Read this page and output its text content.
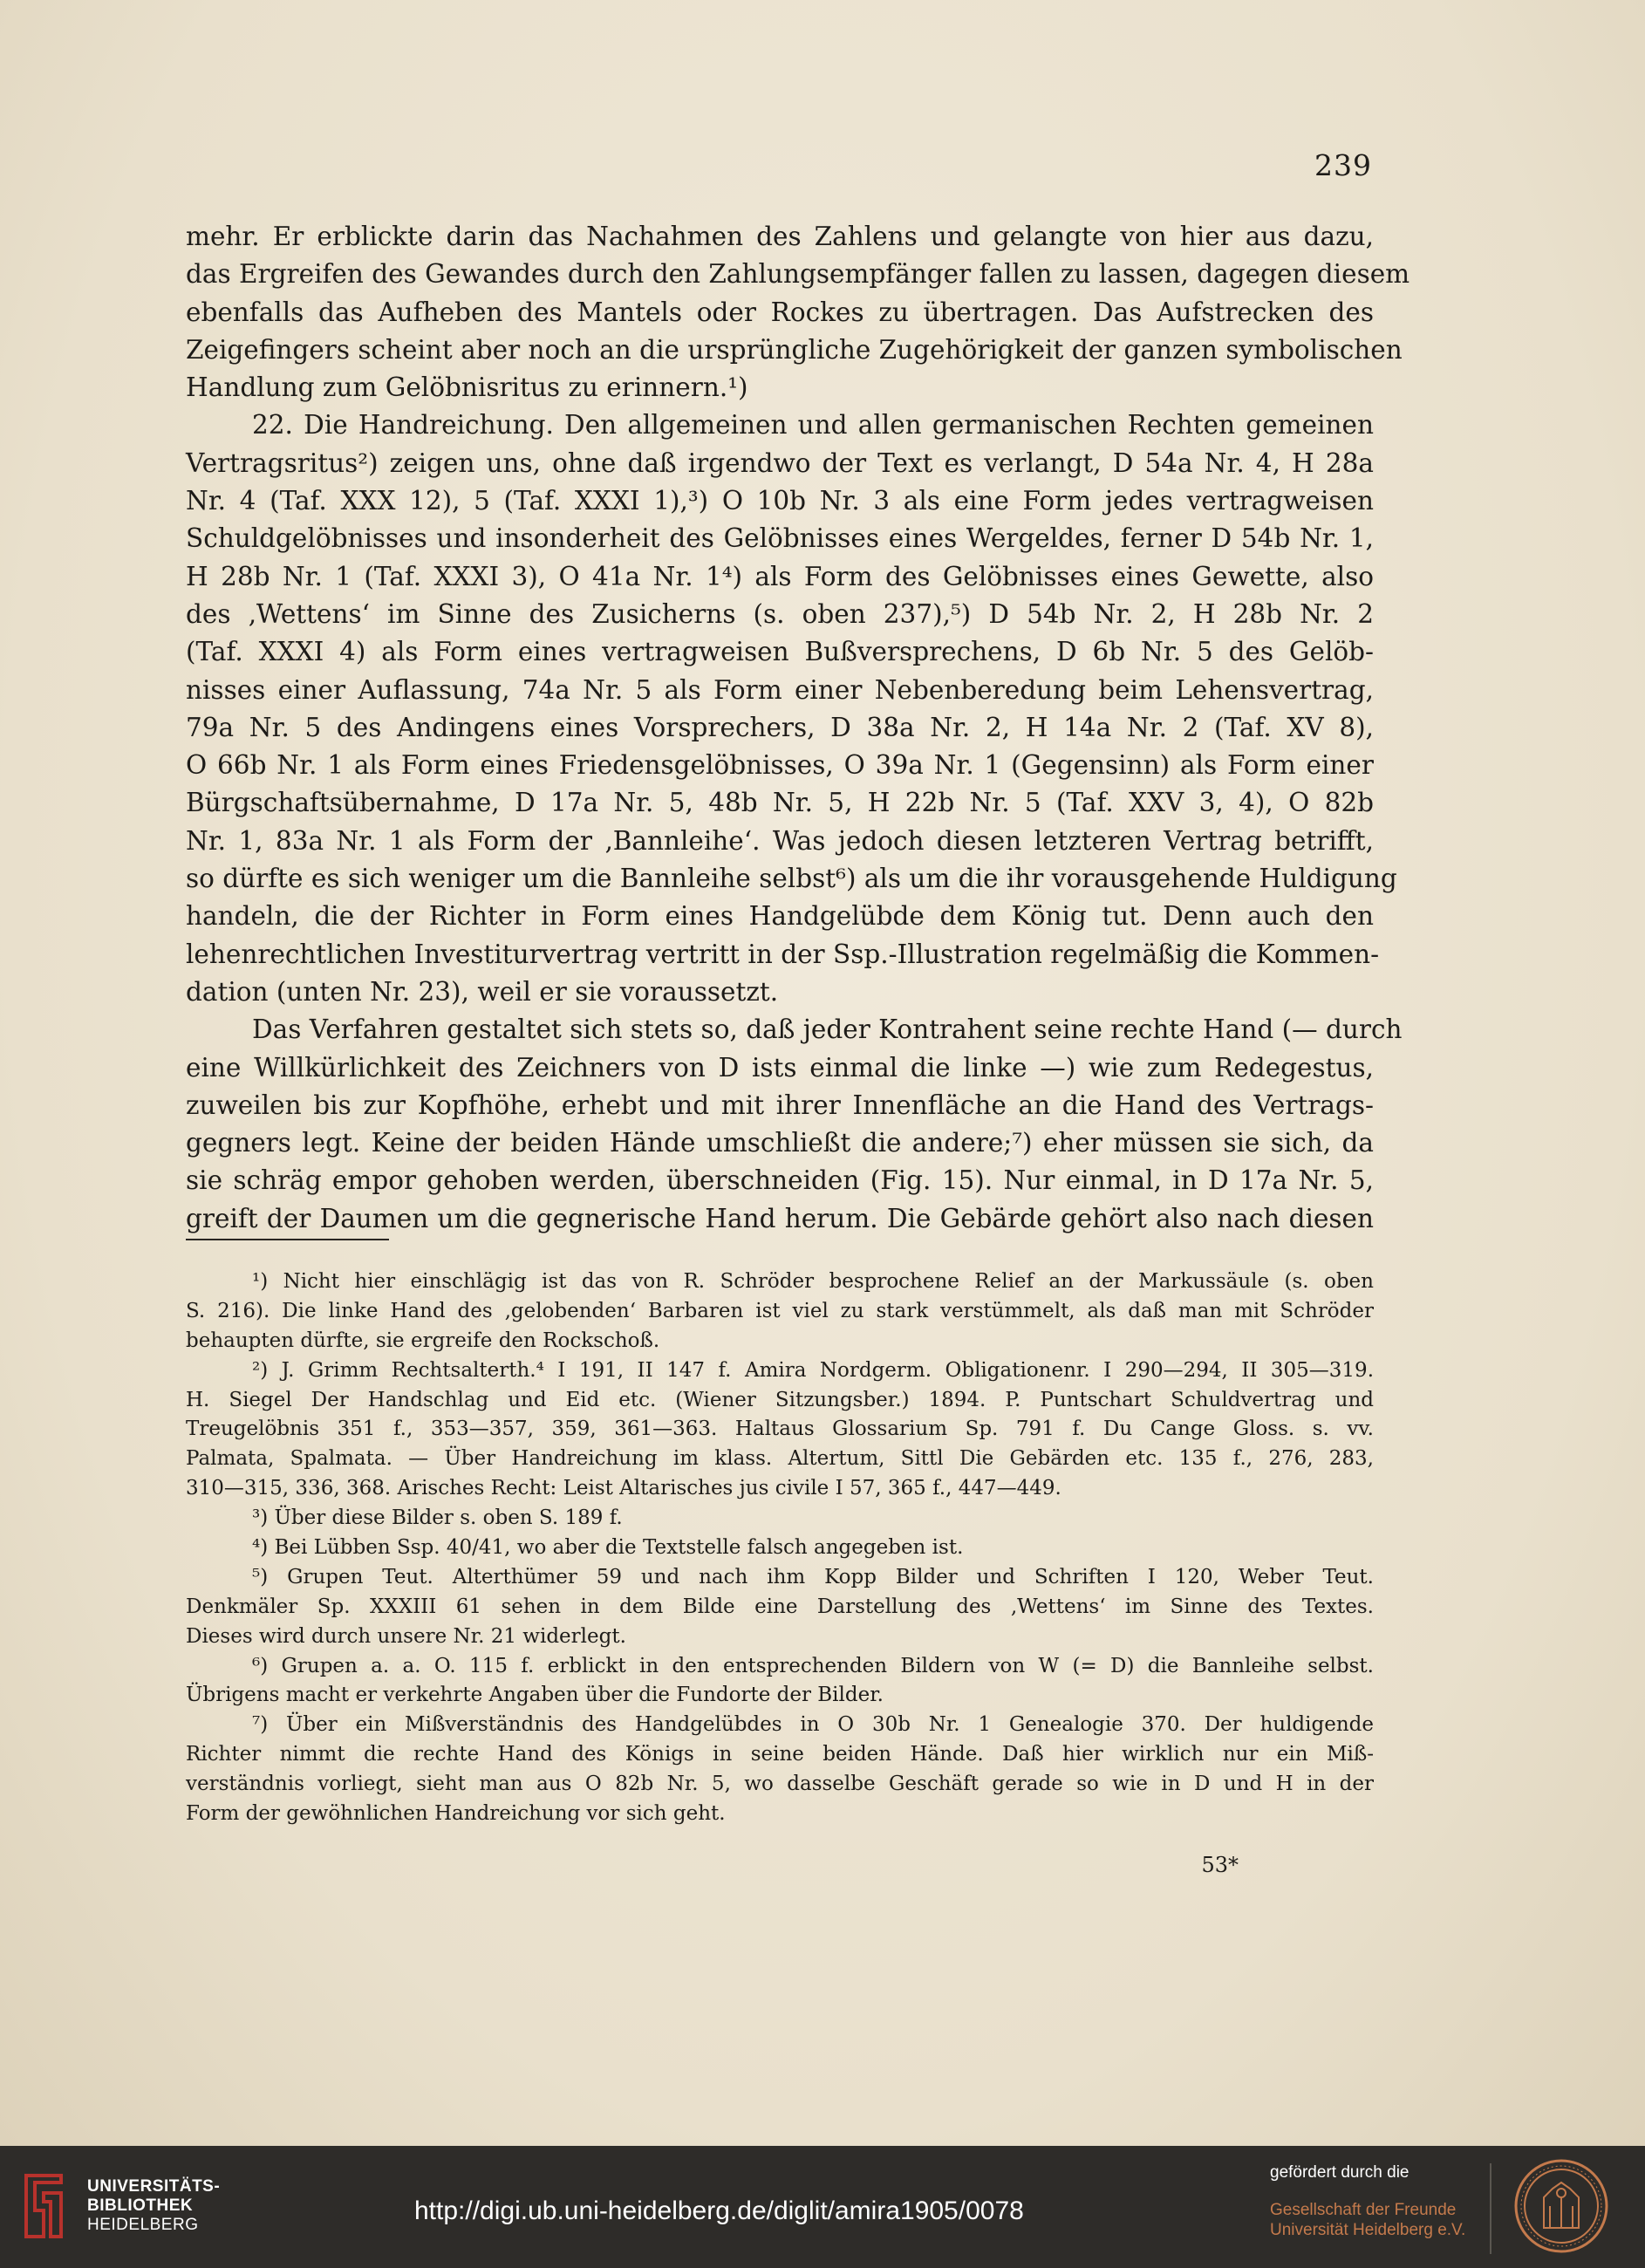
239
mehr. Er erblickte darin das Nachahmen des Zahlens und gelangte von hier aus dazu,
das Ergreifen des Gewandes durch den Zahlungsempfänger fallen zu lassen, dagegen diesem
ebenfalls das Aufheben des Mantels oder Rockes zu übertragen. Das Aufstrecken des
Zeigefingers scheint aber noch an die ursprüngliche Zugehörigkeit der ganzen symbolischen
Handlung zum Gelöbnisritus zu erinnern.¹)
22. Die Handreichung. Den allgemeinen und allen germanischen Rechten gemeinen
Vertragsritus²) zeigen uns, ohne daß irgendwo der Text es verlangt, D 54a Nr. 4, H 28a
Nr. 4 (Taf. XXX 12), 5 (Taf. XXXI 1),³) O 10b Nr. 3 als eine Form jedes vertragweisen
Schuldgelöbnisses und insonderheit des Gelöbnisses eines Wergeldes, ferner D 54b Nr. 1,
H 28b Nr. 1 (Taf. XXXI 3), O 41a Nr. 1⁴) als Form des Gelöbnisses eines Gewette, also
des ‚Wettens‘ im Sinne des Zusicherns (s. oben 237),⁵) D 54b Nr. 2, H 28b Nr. 2
(Taf. XXXI 4) als Form eines vertragweisen Bußversprechens, D 6b Nr. 5 des Gelöb-
nisses einer Auflassung, 74a Nr. 5 als Form einer Nebenberedung beim Lehensvertrag,
79a Nr. 5 des Andingens eines Vorsprechers, D 38a Nr. 2, H 14a Nr. 2 (Taf. XV 8),
O 66b Nr. 1 als Form eines Friedensgelöbnisses, O 39a Nr. 1 (Gegensinn) als Form einer
Bürgschaftsübernahme, D 17a Nr. 5, 48b Nr. 5, H 22b Nr. 5 (Taf. XXV 3, 4), O 82b
Nr. 1, 83a Nr. 1 als Form der ‚Bannleihe‘. Was jedoch diesen letzteren Vertrag betrifft,
so dürfte es sich weniger um die Bannleihe selbst⁶) als um die ihr vorausgehende Huldigung
handeln, die der Richter in Form eines Handgelübde dem König tut. Denn auch den
lehenrechtlichen Investiturvertrag vertritt in der Ssp.-Illustration regelmäßig die Kommen-
dation (unten Nr. 23), weil er sie voraussetzt.
Das Verfahren gestaltet sich stets so, daß jeder Kontrahent seine rechte Hand (— durch
eine Willkürlichkeit des Zeichners von D ists einmal die linke —) wie zum Redegestus,
zuweilen bis zur Kopfhöhe, erhebt und mit ihrer Innenfläche an die Hand des Vertrags-
gegners legt. Keine der beiden Hände umschließt die andere;⁷) eher müssen sie sich, da
sie schräg empor gehoben werden, überschneiden (Fig. 15). Nur einmal, in D 17a Nr. 5,
greift der Daumen um die gegnerische Hand herum. Die Gebärde gehört also nach diesen
¹) Nicht hier einschlägig ist das von R. Schröder besprochene Relief an der Markussäule (s. oben
S. 216). Die linke Hand des ‚gelobenden‘ Barbaren ist viel zu stark verstümmelt, als daß man mit Schröder
behaupten dürfte, sie ergreife den Rockschoß.
²) J. Grimm Rechtsalterth.⁴ I 191, II 147 f. Amira Nordgerm. Obligationenr. I 290—294, II 305—319.
H. Siegel Der Handschlag und Eid etc. (Wiener Sitzungsber.) 1894. P. Puntschart Schuldvertrag und
Treugelöbnis 351 f., 353—357, 359, 361—363. Haltaus Glossarium Sp. 791 f. Du Cange Gloss. s. vv.
Palmata, Spalmata. — Über Handreichung im klass. Altertum, Sittl Die Gebärden etc. 135 f., 276, 283,
310—315, 336, 368. Arisches Recht: Leist Altarisches jus civile I 57, 365 f., 447—449.
³) Über diese Bilder s. oben S. 189 f.
⁴) Bei Lübben Ssp. 40/41, wo aber die Textstelle falsch angegeben ist.
⁵) Grupen Teut. Alterthümer 59 und nach ihm Kopp Bilder und Schriften I 120, Weber Teut.
Denkmäler Sp. XXXIII 61 sehen in dem Bilde eine Darstellung des ‚Wettens‘ im Sinne des Textes.
Dieses wird durch unsere Nr. 21 widerlegt.
⁶) Grupen a. a. O. 115 f. erblickt in den entsprechenden Bildern von W (= D) die Bannleihe selbst.
Übrigens macht er verkehrte Angaben über die Fundorte der Bilder.
⁷) Über ein Mißverständnis des Handgelübdes in O 30b Nr. 1 Genealogie 370. Der huldigende
Richter nimmt die rechte Hand des Königs in seine beiden Hände. Daß hier wirklich nur ein Miß-
verständnis vorliegt, sieht man aus O 82b Nr. 5, wo dasselbe Geschäft gerade so wie in D und H in der
Form der gewöhnlichen Handreichung vor sich geht.
53*
UNIVERSITÄTS-
BIBLIOTHEK
HEIDELBERG	http://digi.ub.uni-heidelberg.de/diglit/amira1905/0078
gefördert durch die
Gesellschaft der Freunde
Universität Heidelberg e.V.
